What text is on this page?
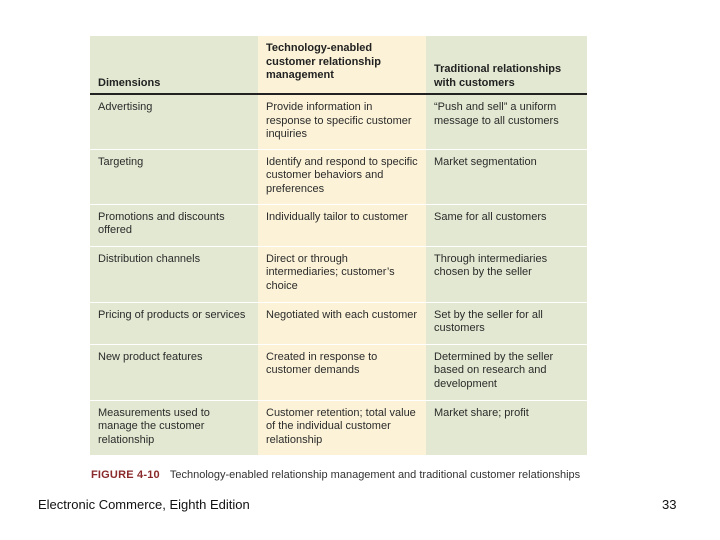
Dimensions	Technology-enabled customer relationship management	Traditional relationships with customers
Advertising	Provide information in response to specific customer inquiries	“Push and sell” a uniform message to all customers
Targeting	Identify and respond to specific customer behaviors and preferences	Market segmentation
Promotions and discounts offered	Individually tailor to customer	Same for all customers
Distribution channels	Direct or through intermediaries; customer’s choice	Through intermediaries chosen by the seller
Pricing of products or services	Negotiated with each customer	Set by the seller for all customers
New product features	Created in response to customer demands	Determined by the seller based on research and development
Measurements used to manage the customer relationship	Customer retention; total value of the individual customer relationship	Market share; profit
FIGURE 4-10 Technology-enabled relationship management and traditional customer relationships
Electronic Commerce, Eighth Edition	33
